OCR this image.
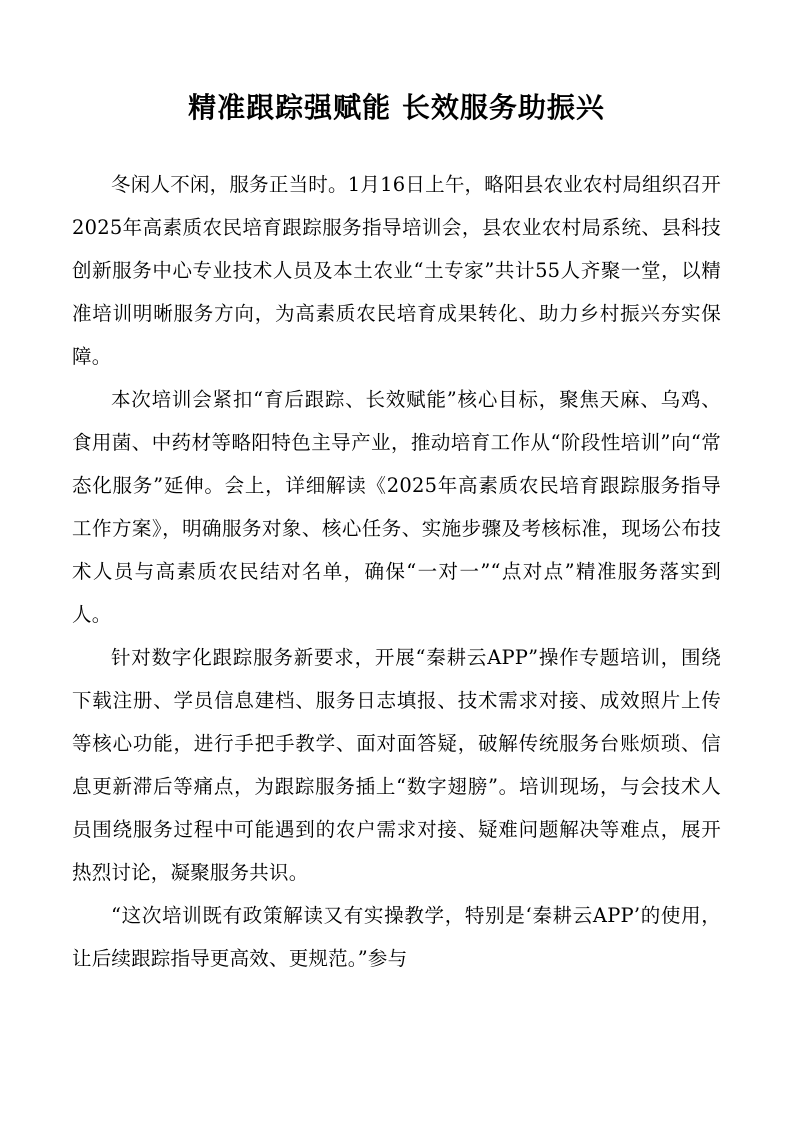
精准跟踪强赋能 长效服务助振兴

冬闲人不闲，服务正当时。1月16日上午，略阳县农业农村局组织召开2025年高素质农民培育跟踪服务指导培训会，县农业农村局系统、县科技创新服务中心专业技术人员及本土农业“土专家”共计55人齐聚一堂，以精准培训明晰服务方向，为高素质农民培育成果转化、助力乡村振兴夯实保障。

本次培训会紧扣“育后跟踪、长效赋能”核心目标，聚焦天麻、乌鸡、食用菌、中药材等略阳特色主导产业，推动培育工作从“阶段性培训”向“常态化服务”延伸。会上，详细解读《2025年高素质农民培育跟踪服务指导工作方案》，明确服务对象、核心任务、实施步骤及考核标准，现场公布技术人员与高素质农民结对名单，确保“一对一”“点对点”精准服务落实到人。

针对数字化跟踪服务新要求，开展“秦耕云APP”操作专题培训，围绕下载注册、学员信息建档、服务日志填报、技术需求对接、成效照片上传等核心功能，进行手把手教学、面对面答疑，破解传统服务台账烦琐、信息更新滞后等痛点，为跟踪服务插上“数字翅膀”。培训现场，与会技术人员围绕服务过程中可能遇到的农户需求对接、疑难问题解决等难点，展开热烈讨论，凝聚服务共识。

“这次培训既有政策解读又有实操教学，特别是‘秦耕云APP’的使用，让后续跟踪指导更高效、更规范。”参与
